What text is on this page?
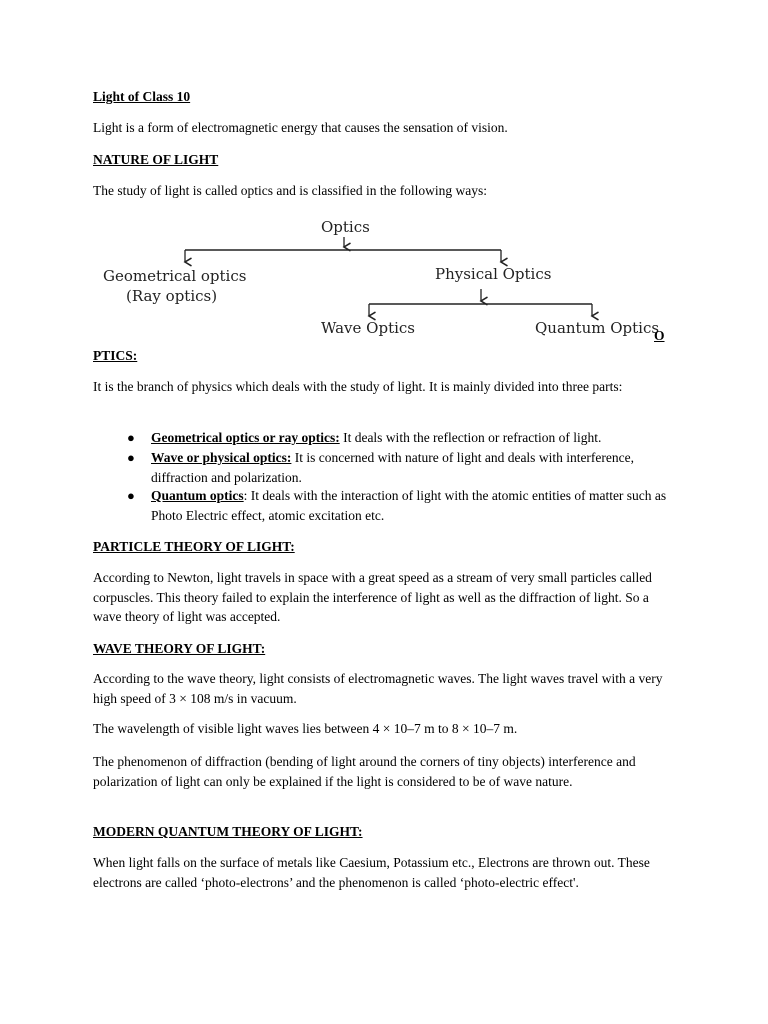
Light of Class 10
Light is a form of electromagnetic energy that causes the sensation of vision.
NATURE OF LIGHT
The study of light is called optics and is classified in the following ways:
Optics
Geometrical optics
(Ray optics)
Physical Optics
Wave Optics	Quantum Optics
O
PTICS:
It is the branch of physics which deals with the study of light. It is mainly divided into three parts:
● Geometrical optics or ray optics: It deals with the reflection or refraction of light.
● Wave or physical optics: It is concerned with nature of light and deals with interference, diffraction and polarization.
● Quantum optics: It deals with the interaction of light with the atomic entities of matter such as Photo Electric effect, atomic excitation etc.
PARTICLE THEORY OF LIGHT:
According to Newton, light travels in space with a great speed as a stream of very small particles called corpuscles. This theory failed to explain the interference of light as well as the diffraction of light. So a wave theory of light was accepted.
WAVE THEORY OF LIGHT:
According to the wave theory, light consists of electromagnetic waves. The light waves travel with a very high speed of 3 × 108 m/s in vacuum.
The wavelength of visible light waves lies between 4 × 10–7 m to 8 × 10–7 m.
The phenomenon of diffraction (bending of light around the corners of tiny objects) interference and polarization of light can only be explained if the light is considered to be of wave nature.
MODERN QUANTUM THEORY OF LIGHT:
When light falls on the surface of metals like Caesium, Potassium etc., Electrons are thrown out. These electrons are called ‘photo-electrons’ and the phenomenon is called ‘photo-electric effect'.
